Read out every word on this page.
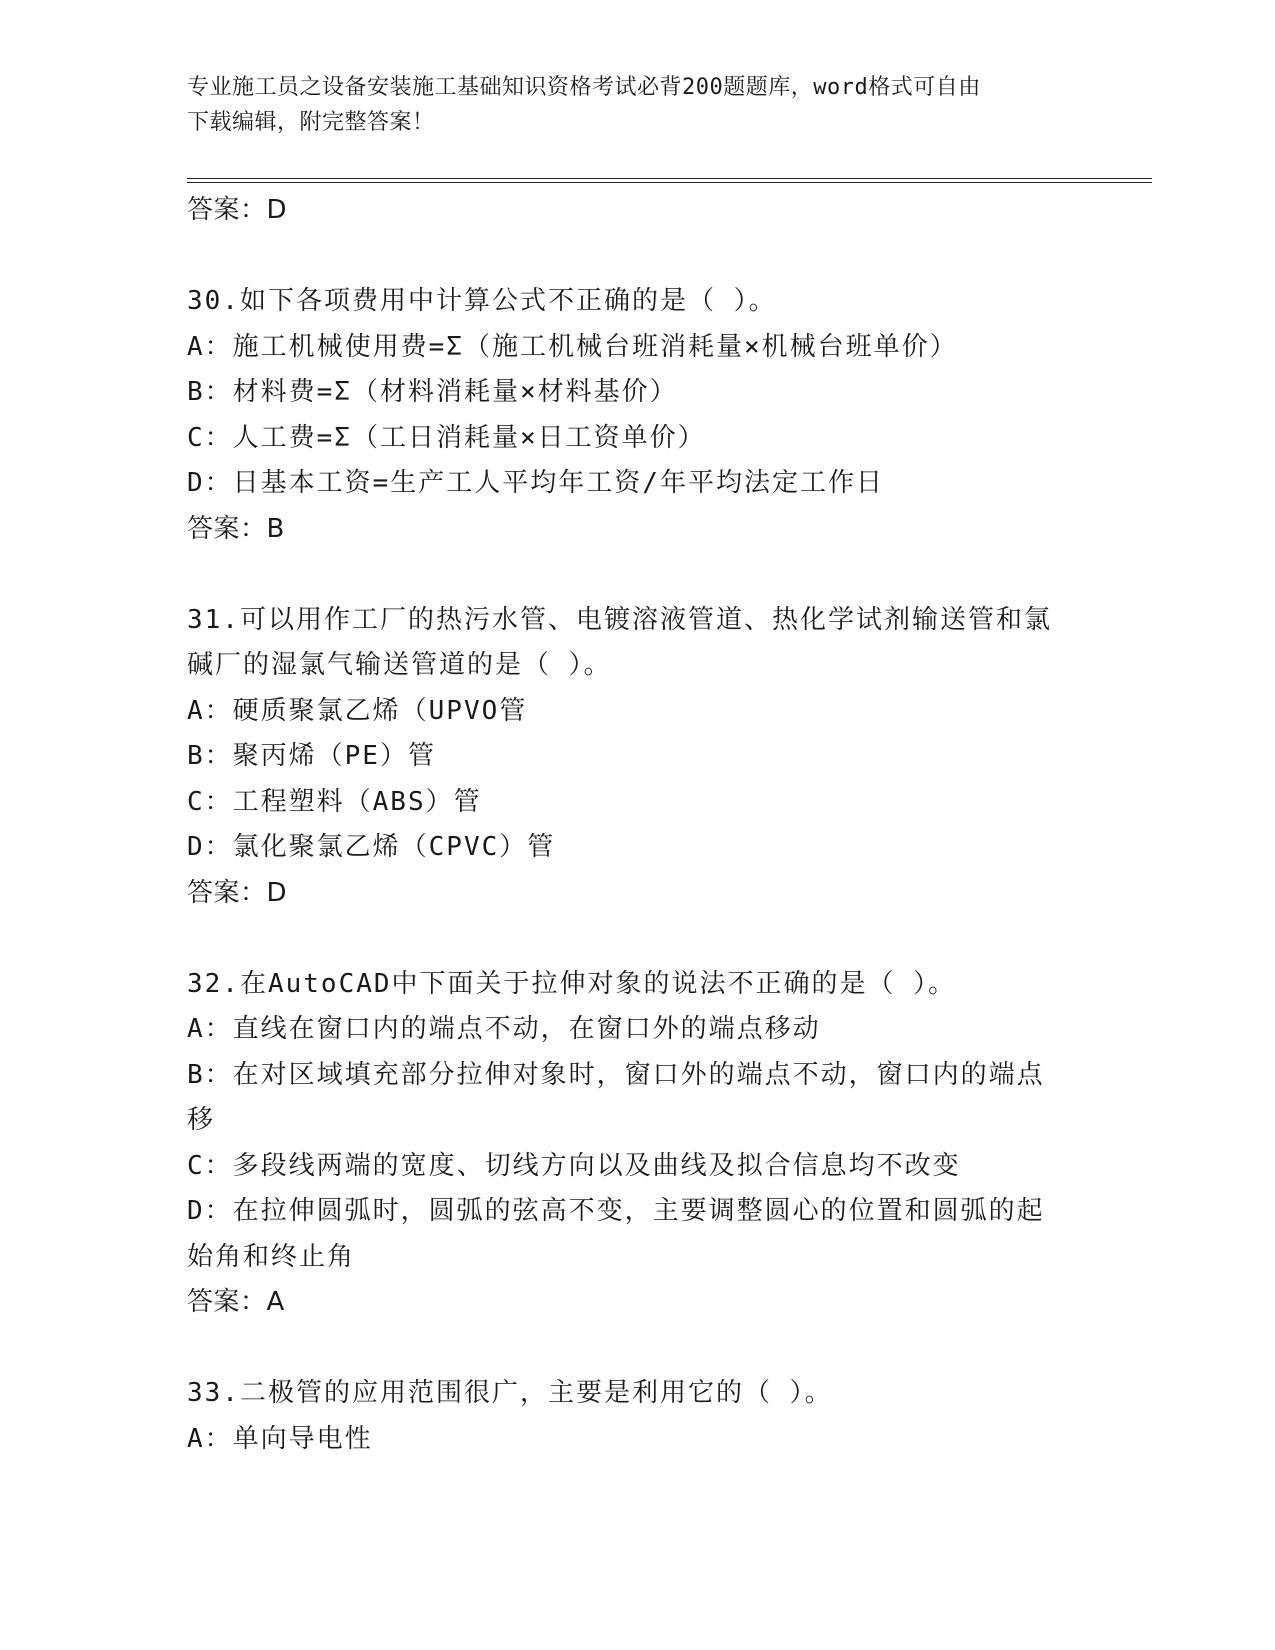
专业施工员之设备安装施工基础知识资格考试必背200题题库，word格式可自由
下载编辑，附完整答案！
答案：D
30.如下各项费用中计算公式不正确的是（ ）。
A：施工机械使用费=Σ（施工机械台班消耗量×机械台班单价）
B：材料费=Σ（材料消耗量×材料基价）
C：人工费=Σ（工日消耗量×日工资单价）
D：日基本工资=生产工人平均年工资/年平均法定工作日
答案：B
31.可以用作工厂的热污水管、电镀溶液管道、热化学试剂输送管和氯
碱厂的湿氯气输送管道的是（ ）。
A：硬质聚氯乙烯（UPVO管
B：聚丙烯（PE）管
C：工程塑料（ABS）管
D：氯化聚氯乙烯（CPVC）管
答案：D
32.在AutoCAD中下面关于拉伸对象的说法不正确的是（ ）。
A：直线在窗口内的端点不动，在窗口外的端点移动
B：在对区域填充部分拉伸对象时，窗口外的端点不动，窗口内的端点
移
C：多段线两端的宽度、切线方向以及曲线及拟合信息均不改变
D：在拉伸圆弧时，圆弧的弦高不变，主要调整圆心的位置和圆弧的起
始角和终止角
答案：A
33.二极管的应用范围很广，主要是利用它的（ ）。
A：单向导电性
